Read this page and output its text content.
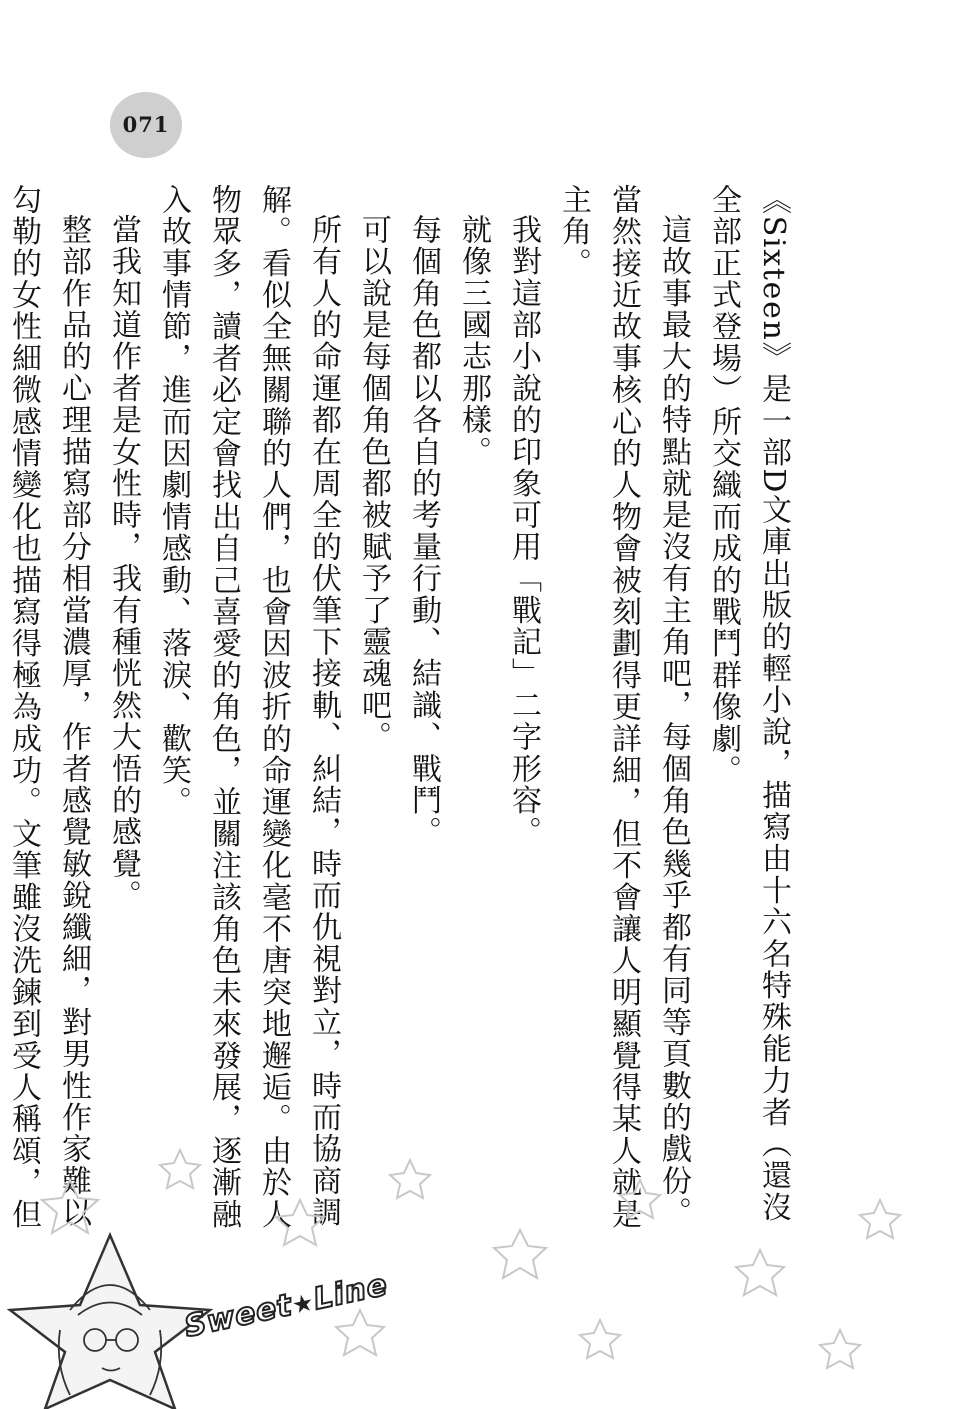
071

《Sixteen》是一部D文庫出版的輕小說，描寫由十六名特殊能力者（還沒全部正式登場）所交織而成的戰鬥群像劇。

這故事最大的特點就是沒有主角吧，每個角色幾乎都有同等頁數的戲份。當然接近故事核心的人物會被刻劃得更詳細，但不會讓人明顯覺得某人就是主角。

我對這部小說的印象可用「戰記」二字形容。

就像三國志那樣。

每個角色都以各自的考量行動、結識、戰鬥。

可以說是每個角色都被賦予了靈魂吧。

所有人的命運都在周全的伏筆下接軌、糾結，時而仇視對立，時而協商調解。看似全無關聯的人們，也會因波折的命運變化毫不唐突地邂逅。由於人物眾多，讀者必定會找出自己喜愛的角色，並關注該角色未來發展，逐漸融入故事情節，進而因劇情感動、落淚、歡笑。

當我知道作者是女性時，我有種恍然大悟的感覺。

整部作品的心理描寫部分相當濃厚，作者感覺敏銳纖細，對男性作家難以勾勒的女性細微感情變化也描寫得極為成功。文筆雖沒洗鍊到受人稱頌，但

Sweet★Line
